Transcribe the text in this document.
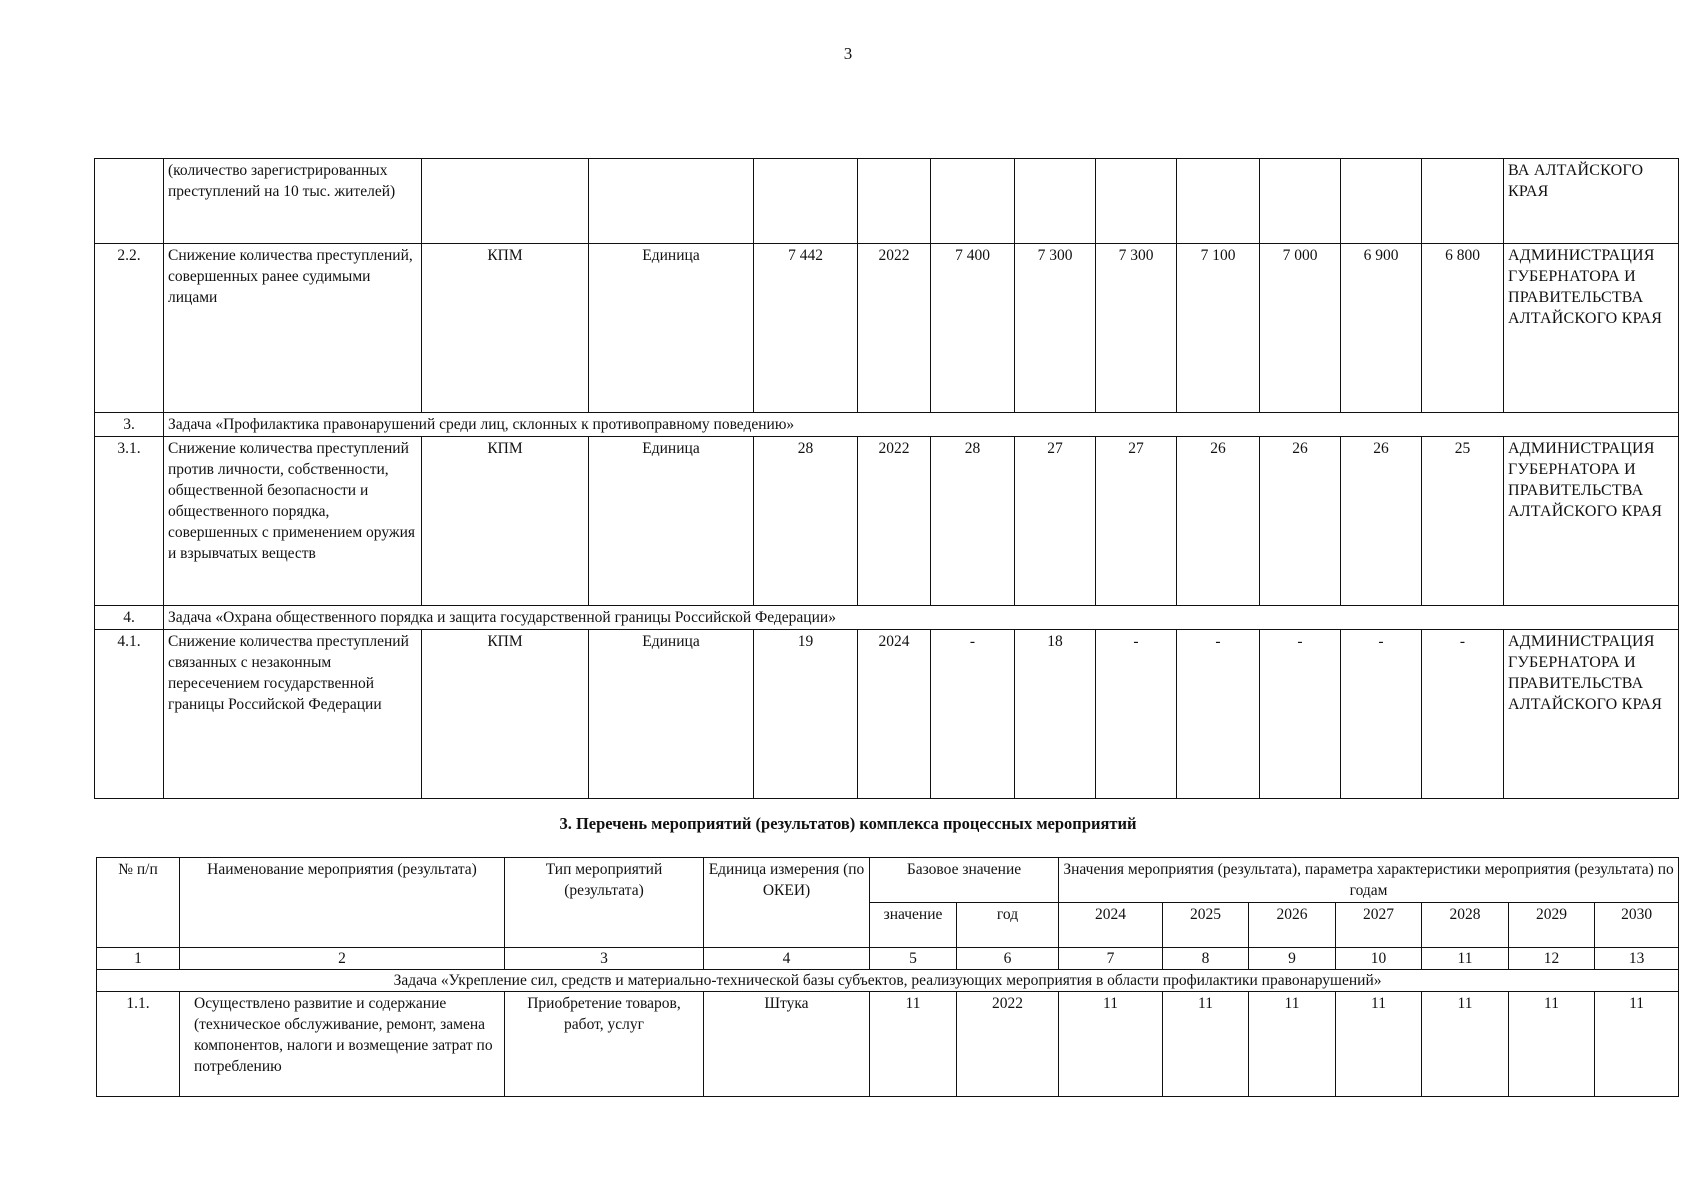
3
	(количество зарегистрированных преступлений на 10 тыс. жителей)												ВА АЛТАЙСКОГО КРАЯ
2.2.	Снижение количества преступлений, совершенных ранее судимыми лицами	КПМ	Единица	7 442	2022	7 400	7 300	7 300	7 100	7 000	6 900	6 800	АДМИНИСТРАЦИЯ ГУБЕРНАТОРА И ПРАВИТЕЛЬСТВА АЛТАЙСКОГО КРАЯ
3.	Задача «Профилактика правонарушений среди лиц, склонных к противоправному поведению»												
3.1.	Снижение количества преступлений против личности, собственности, общественной безопасности и общественного порядка, совершенных с применением оружия и взрывчатых веществ	КПМ	Единица	28	2022	28	27	27	26	26	26	25	АДМИНИСТРАЦИЯ ГУБЕРНАТОРА И ПРАВИТЕЛЬСТВА АЛТАЙСКОГО КРАЯ
4.	Задача «Охрана общественного порядка и защита государственной границы Российской Федерации»												
4.1.	Снижение количества преступлений связанных с незаконным пересечением государственной границы Российской Федерации	КПМ	Единица	19	2024	-	18	-	-	-	-	-	АДМИНИСТРАЦИЯ ГУБЕРНАТОРА И ПРАВИТЕЛЬСТВА АЛТАЙСКОГО КРАЯ
3. Перечень мероприятий (результатов) комплекса процессных мероприятий
№ п/п	Наименование мероприятия (результата)	Тип мероприятий (результата)	Единица измерения (по ОКЕИ)	Базовое значение		Значения мероприятия (результата), параметра характеристики мероприятия (результата) по годам						
				значение	год	2024	2025	2026	2027	2028	2029	2030
1	2	3	4	5	6	7	8	9	10	11	12	13
Задача «Укрепление сил, средств и материально-технической базы субъектов, реализующих мероприятия в области профилактики правонарушений»												
1.1.	Осуществлено развитие и содержание (техническое обслуживание, ремонт, замена компонентов, налоги и возмещение затрат по потреблению	Приобретение товаров, работ, услуг	Штука	11	2022	11	11	11	11	11	11	11
